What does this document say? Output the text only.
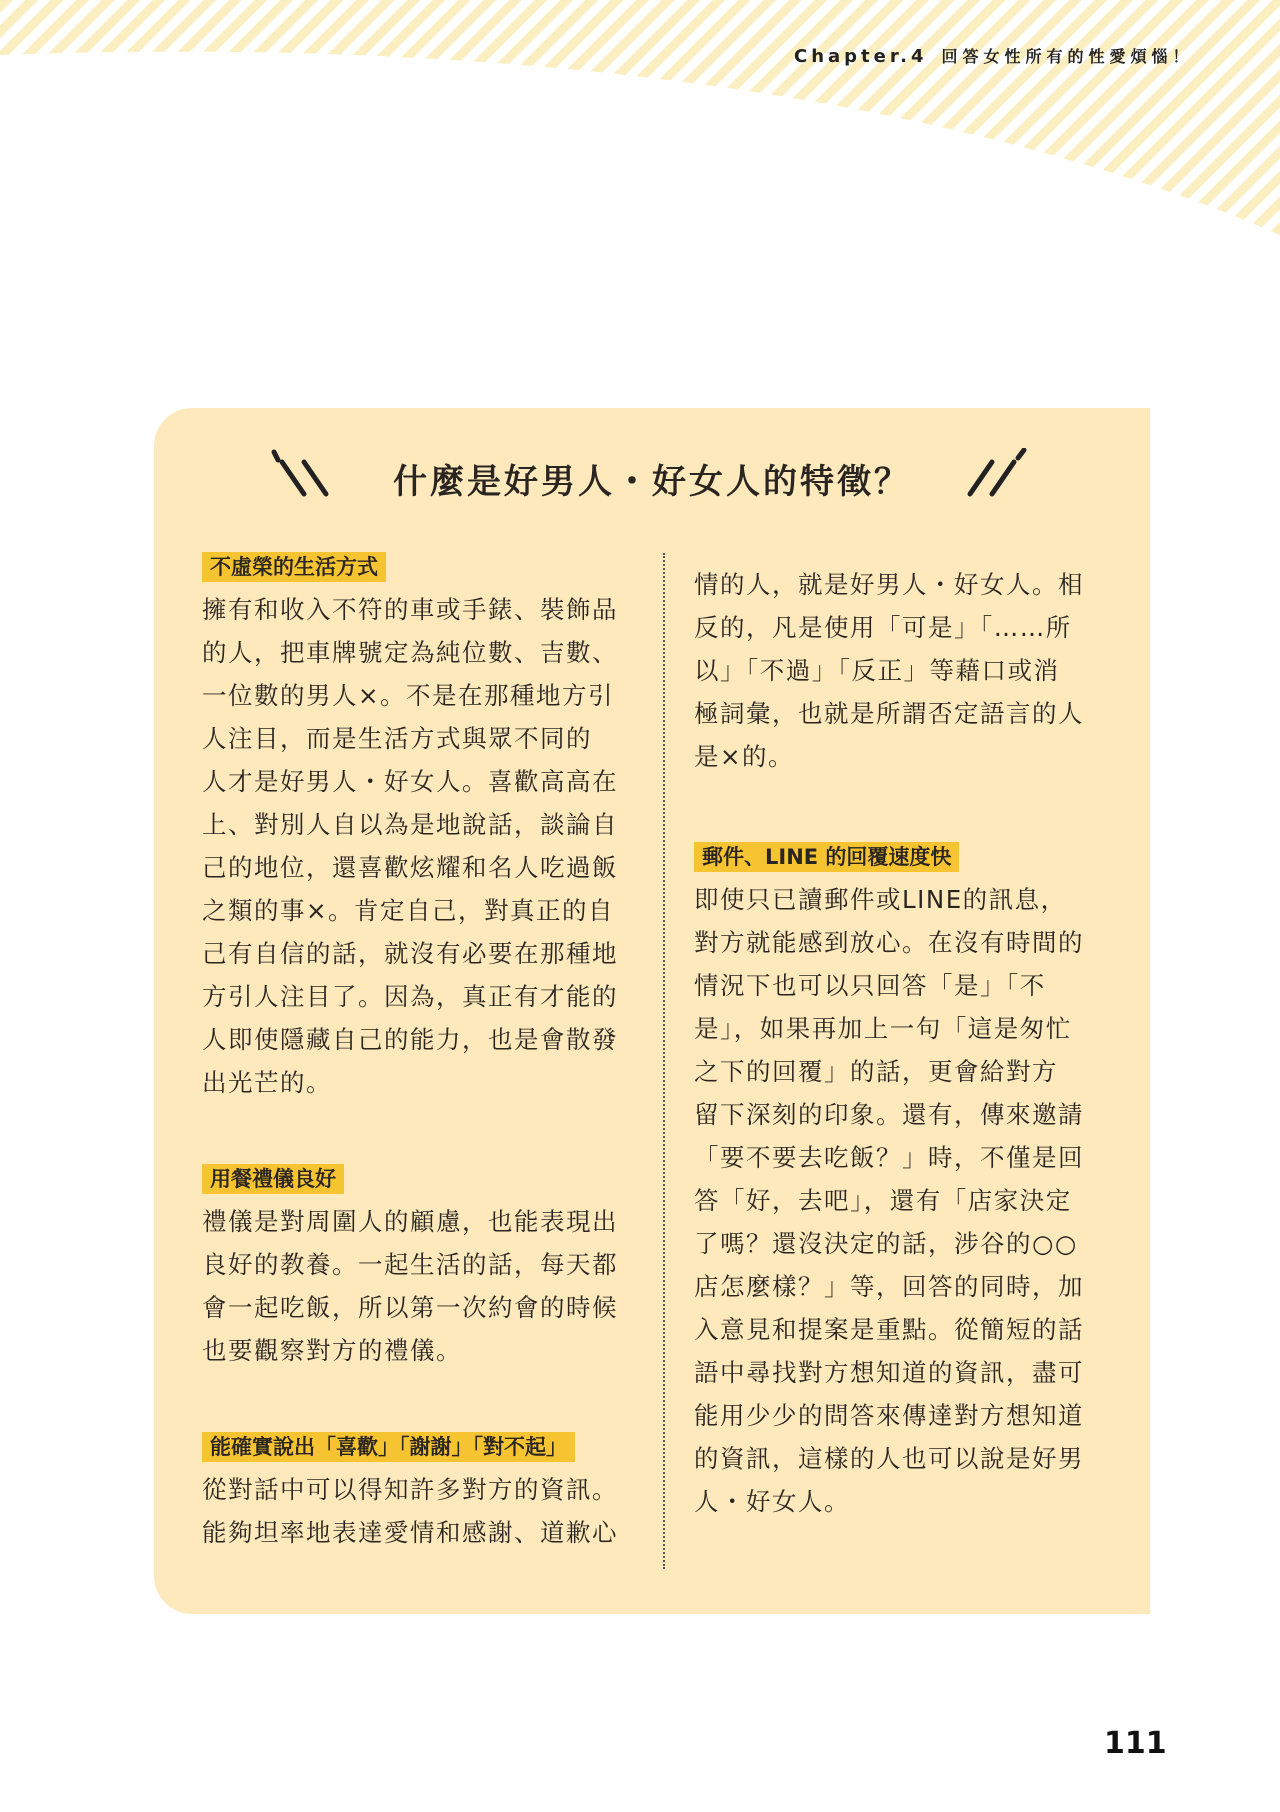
Chapter.4 回答女性所有的性愛煩惱！
什麼是好男人・好女人的特徵？
不虛榮的生活方式
擁有和收入不符的車或手錶、裝飾品
的人，把車牌號定為純位數、吉數、
一位數的男人×。不是在那種地方引
人注目，而是生活方式與眾不同的
人才是好男人・好女人。喜歡高高在
上、對別人自以為是地說話，談論自
己的地位，還喜歡炫耀和名人吃過飯
之類的事×。肯定自己，對真正的自
己有自信的話，就沒有必要在那種地
方引人注目了。因為，真正有才能的
人即使隱藏自己的能力，也是會散發
出光芒的。
用餐禮儀良好
禮儀是對周圍人的顧慮，也能表現出
良好的教養。一起生活的話，每天都
會一起吃飯，所以第一次約會的時候
也要觀察對方的禮儀。
能確實說出「喜歡」「謝謝」「對不起」
從對話中可以得知許多對方的資訊。
能夠坦率地表達愛情和感謝、道歉心
情的人，就是好男人・好女人。相
反的，凡是使用「可是」「……所
以」「不過」「反正」等藉口或消
極詞彙，也就是所謂否定語言的人
是×的。
郵件、LINE 的回覆速度快
即使只已讀郵件或LINE的訊息，
對方就能感到放心。在沒有時間的
情況下也可以只回答「是」「不
是」，如果再加上一句「這是匆忙
之下的回覆」的話，更會給對方
留下深刻的印象。還有，傳來邀請
「要不要去吃飯？」時，不僅是回
答「好，去吧」，還有「店家決定
了嗎？還沒決定的話，涉谷的○○
店怎麼樣？」等，回答的同時，加
入意見和提案是重點。從簡短的話
語中尋找對方想知道的資訊，盡可
能用少少的問答來傳達對方想知道
的資訊，這樣的人也可以說是好男
人・好女人。
111
